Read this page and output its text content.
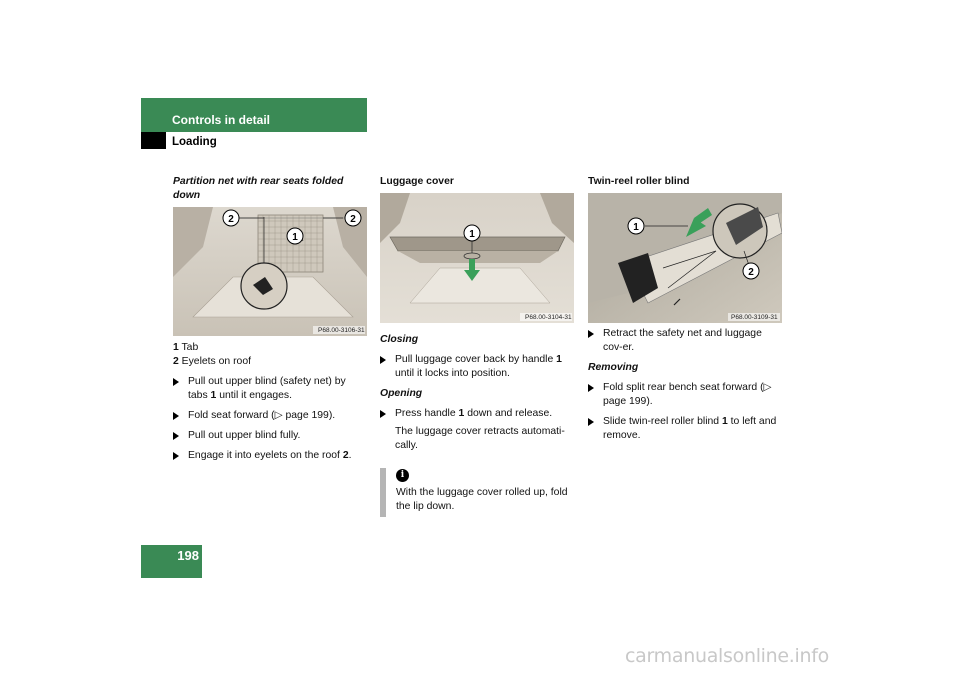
Controls in detail
Loading
Partition net with rear seats folded down
2	2
1
P68.00-3106-31
1 Tab
2 Eyelets on roof
Pull out upper blind (safety net) by tabs 1 until it engages.
Fold seat forward (▷ page 199).
Pull out upper blind fully.
Engage it into eyelets on the roof 2.
Luggage cover
1
P68.00-3104-31
Closing
Pull luggage cover back by handle 1 until it locks into position.
Opening
Press handle 1 down and release.
The luggage cover retracts automati-cally.
i
With the luggage cover rolled up, fold the lip down.
Twin-reel roller blind
1
2
P68.00-3109-31
Retract the safety net and luggage cov-er.
Removing
Fold split rear bench seat forward (▷ page 199).
Slide twin-reel roller blind 1 to left and remove.
198
carmanualsonline.info
